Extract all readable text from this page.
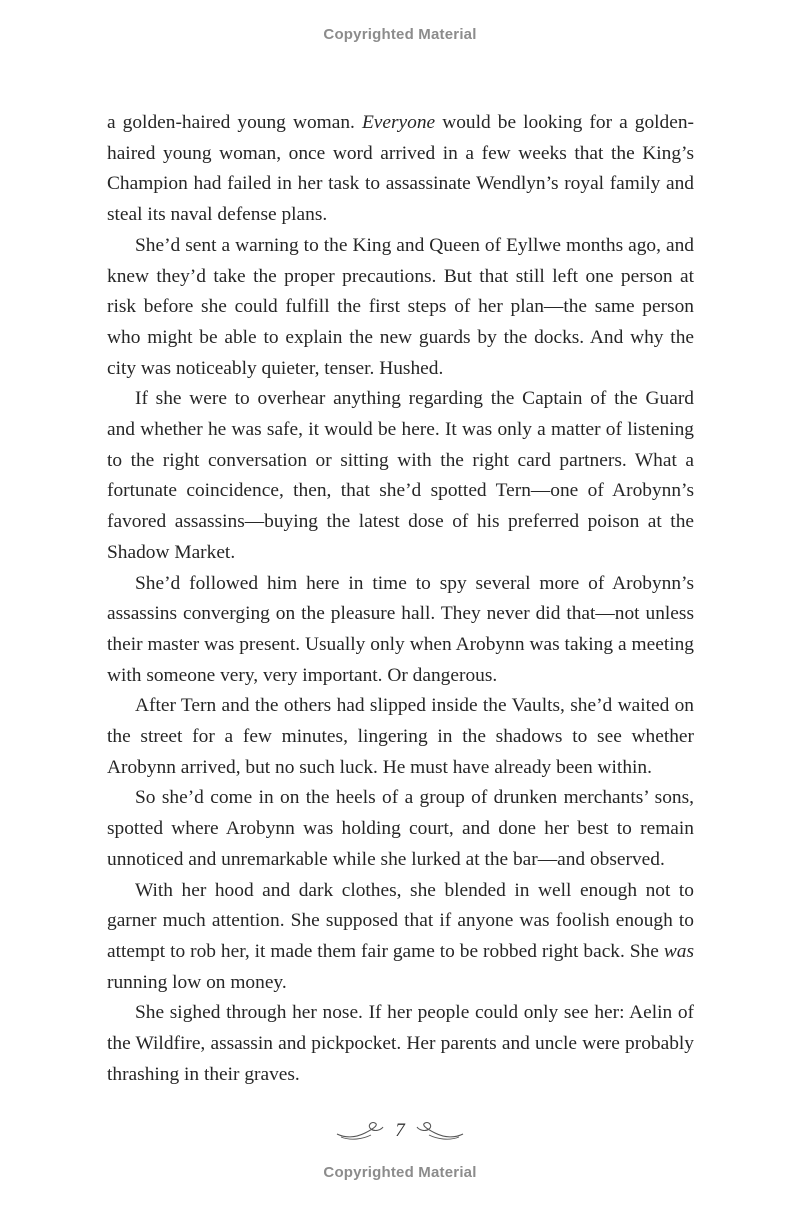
Copyrighted Material

a golden-haired young woman. Everyone would be looking for a golden-haired young woman, once word arrived in a few weeks that the King’s Champion had failed in her task to assassinate Wendlyn’s royal family and steal its naval defense plans.

She’d sent a warning to the King and Queen of Eyllwe months ago, and knew they’d take the proper precautions. But that still left one person at risk before she could fulfill the first steps of her plan—the same person who might be able to explain the new guards by the docks. And why the city was noticeably quieter, tenser. Hushed.

If she were to overhear anything regarding the Captain of the Guard and whether he was safe, it would be here. It was only a matter of listening to the right conversation or sitting with the right card partners. What a fortunate coincidence, then, that she’d spotted Tern—one of Arobynn’s favored assassins—buying the latest dose of his preferred poison at the Shadow Market.

She’d followed him here in time to spy several more of Arobynn’s assassins converging on the pleasure hall. They never did that—not unless their master was present. Usually only when Arobynn was taking a meeting with someone very, very important. Or dangerous.

After Tern and the others had slipped inside the Vaults, she’d waited on the street for a few minutes, lingering in the shadows to see whether Arobynn arrived, but no such luck. He must have already been within.

So she’d come in on the heels of a group of drunken merchants’ sons, spotted where Arobynn was holding court, and done her best to remain unnoticed and unremarkable while she lurked at the bar—and observed.

With her hood and dark clothes, she blended in well enough not to garner much attention. She supposed that if anyone was foolish enough to attempt to rob her, it made them fair game to be robbed right back. She was running low on money.

She sighed through her nose. If her people could only see her: Aelin of the Wildfire, assassin and pickpocket. Her parents and uncle were probably thrashing in their graves.

7
Copyrighted Material
